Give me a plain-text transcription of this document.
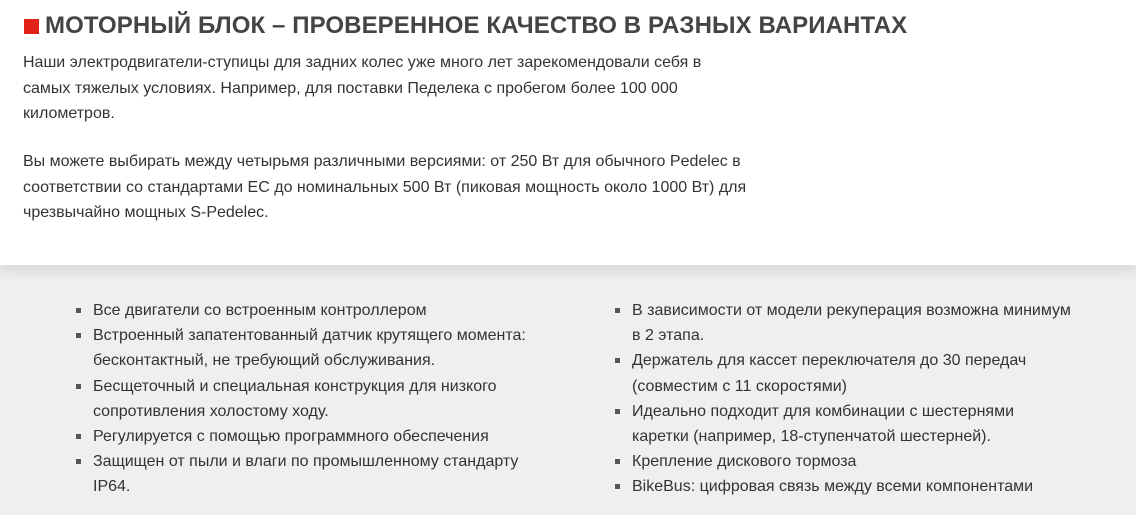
МОТОРНЫЙ БЛОК – ПРОВЕРЕННОЕ КАЧЕСТВО В РАЗНЫХ ВАРИАНТАХ

Наши электродвигатели-ступицы для задних колес уже много лет зарекомендовали себя в самых тяжелых условиях. Например, для поставки Педелека с пробегом более 100 000 километров.

Вы можете выбирать между четырьмя различными версиями: от 250 Вт для обычного Pedelec в соответствии со стандартами ЕС до номинальных 500 Вт (пиковая мощность около 1000 Вт) для чрезвычайно мощных S-Pedelec.

Все двигатели со встроенным контроллером
Встроенный запатентованный датчик крутящего момента: бесконтактный, не требующий обслуживания.
Бесщеточный и специальная конструкция для низкого сопротивления холостому ходу.
Регулируется с помощью программного обеспечения
Защищен от пыли и влаги по промышленному стандарту IP64.
В зависимости от модели рекуперация возможна минимум в 2 этапа.
Держатель для кассет переключателя до 30 передач (совместим с 11 скоростями)
Идеально подходит для комбинации с шестернями каретки (например, 18-ступенчатой шестерней).
Крепление дискового тормоза
BikeBus: цифровая связь между всеми компонентами
